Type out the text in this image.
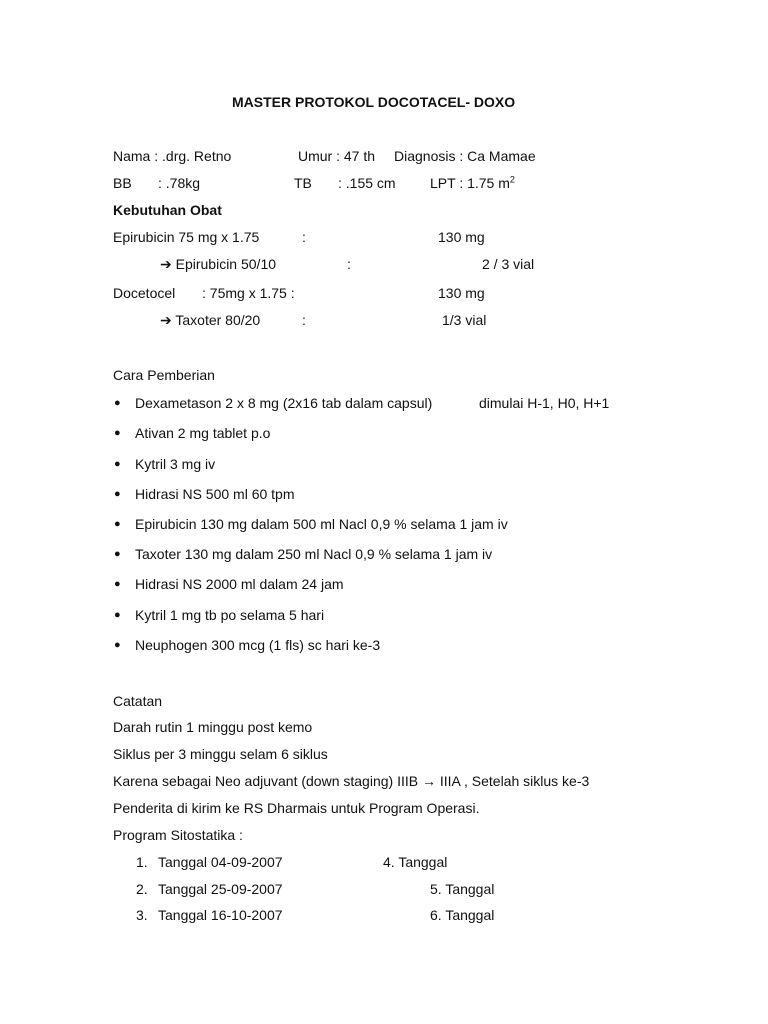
MASTER PROTOKOL DOCOTACEL- DOXO
Nama : .drg. Retno	Umur : 47 th Diagnosis : Ca Mamae
BB : .78kg	TB : .155 cm LPT : 1.75 $m^2$
Kebutuhan Obat
Epirubicin 75 mg x 1.75	:	130 mg
➔ Epirubicin 50/10	:	2 / 3 vial
Docetocel : 75mg x 1.75 :	130 mg
➔ Taxoter 80/20	:	1/3 vial
Cara Pemberian
● Dexametason 2 x 8 mg (2x16 tab dalam capsul)	dimulai H-1, H0, H+1
● Ativan 2 mg tablet p.o
● Kytril 3 mg iv
● Hidrasi NS 500 ml 60 tpm
● Epirubicin 130 mg dalam 500 ml Nacl 0,9 % selama 1 jam iv
● Taxoter 130 mg dalam 250 ml Nacl 0,9 % selama 1 jam iv
● Hidrasi NS 2000 ml dalam 24 jam
● Kytril 1 mg tb po selama 5 hari
● Neuphogen 300 mcg (1 fls) sc hari ke-3
Catatan
Darah rutin 1 minggu post kemo
Siklus per 3 minggu selam 6 siklus
Karena sebagai Neo adjuvant (down staging) IIIB → IIIA , Setelah siklus ke-3
Penderita di kirim ke RS Dharmais untuk Program Operasi.
Program Sitostatika :
1. Tanggal 04-09-2007	4. Tanggal
2. Tanggal 25-09-2007	5. Tanggal
3. Tanggal 16-10-2007	6. Tanggal
